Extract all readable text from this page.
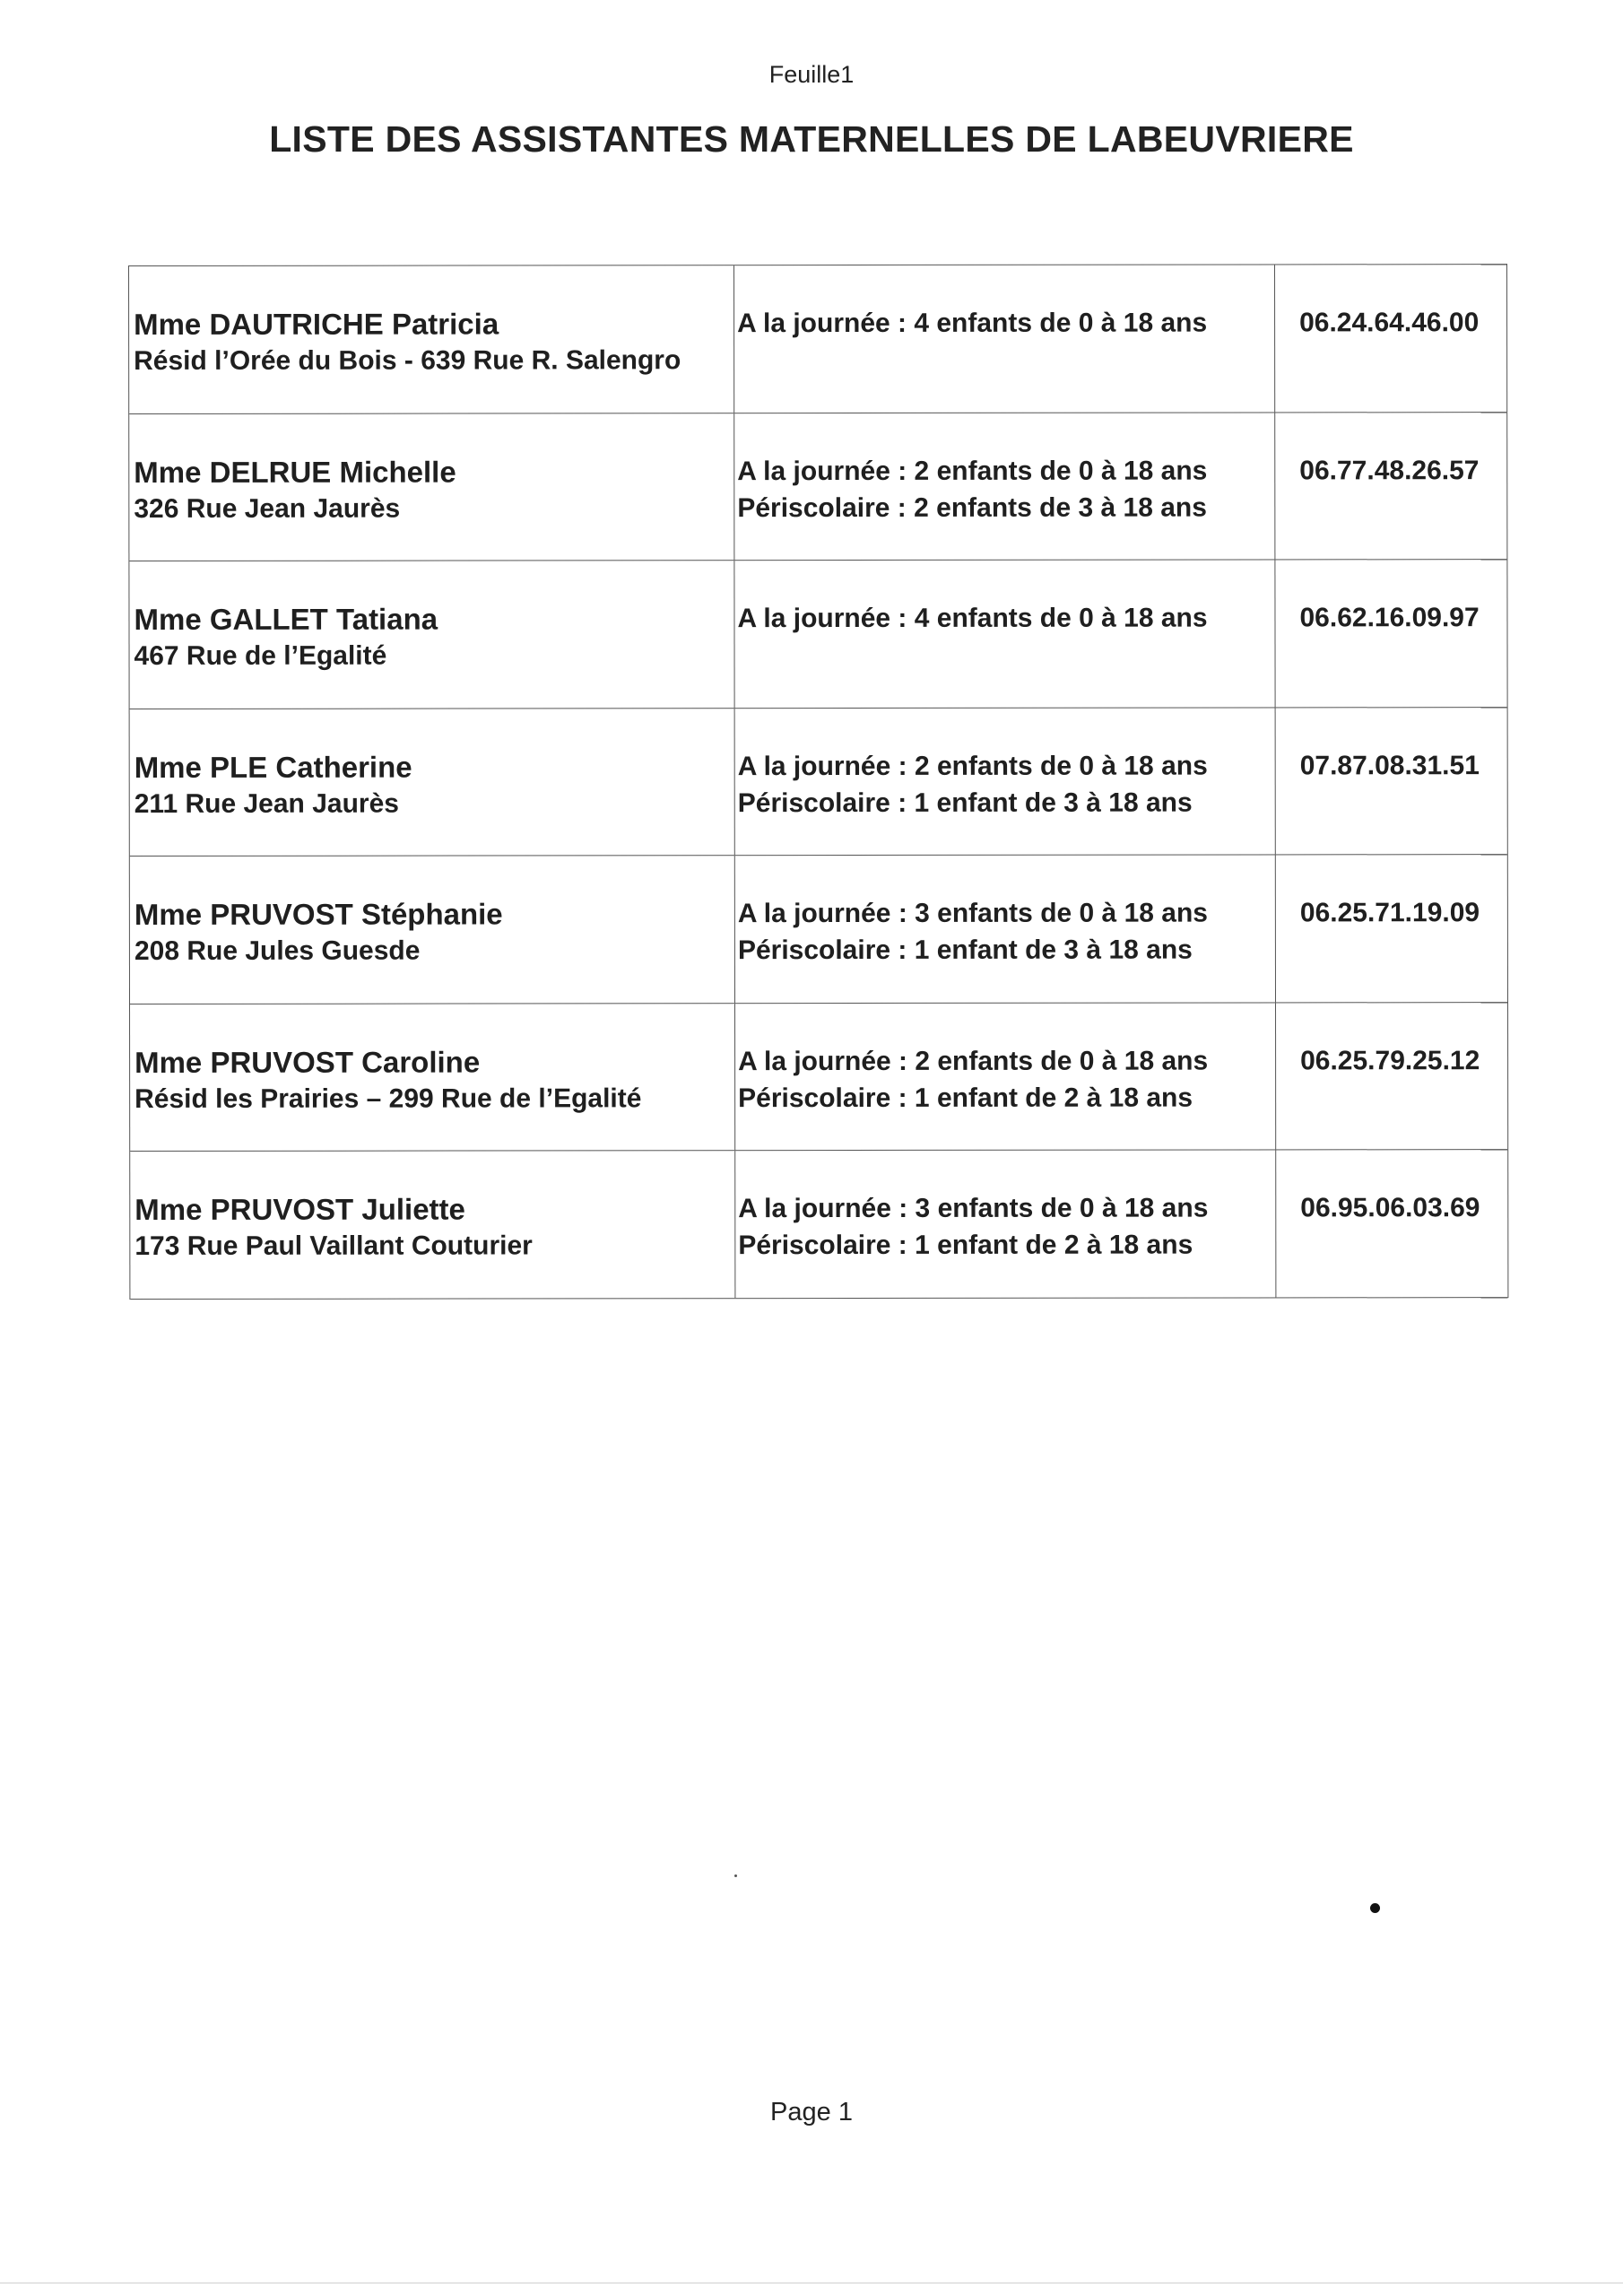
Feuille1
LISTE DES ASSISTANTES MATERNELLES DE LABEUVRIERE
Mme DAUTRICHE Patricia
Résid l’Orée du Bois - 639 Rue R. Salengro
A la journée : 4 enfants de 0 à 18 ans	06.24.64.46.00
Mme DELRUE Michelle
326 Rue Jean Jaurès
A la journée : 2 enfants de 0 à 18 ans
Périscolaire : 2 enfants de 3 à 18 ans
06.77.48.26.57
Mme GALLET Tatiana
467 Rue de l’Egalité
A la journée : 4 enfants de 0 à 18 ans	06.62.16.09.97
Mme PLE Catherine
211 Rue Jean Jaurès
A la journée : 2 enfants de 0 à 18 ans
Périscolaire : 1 enfant de 3 à 18 ans
07.87.08.31.51
Mme PRUVOST Stéphanie
208 Rue Jules Guesde
A la journée : 3 enfants de 0 à 18 ans
Périscolaire : 1 enfant de 3 à 18 ans
06.25.71.19.09
Mme PRUVOST Caroline
Résid les Prairies – 299 Rue de l’Egalité
A la journée : 2 enfants de 0 à 18 ans
Périscolaire : 1 enfant de 2 à 18 ans
06.25.79.25.12
Mme PRUVOST Juliette
173 Rue Paul Vaillant Couturier
A la journée : 3 enfants de 0 à 18 ans
Périscolaire : 1 enfant de 2 à 18 ans
06.95.06.03.69
Page 1
